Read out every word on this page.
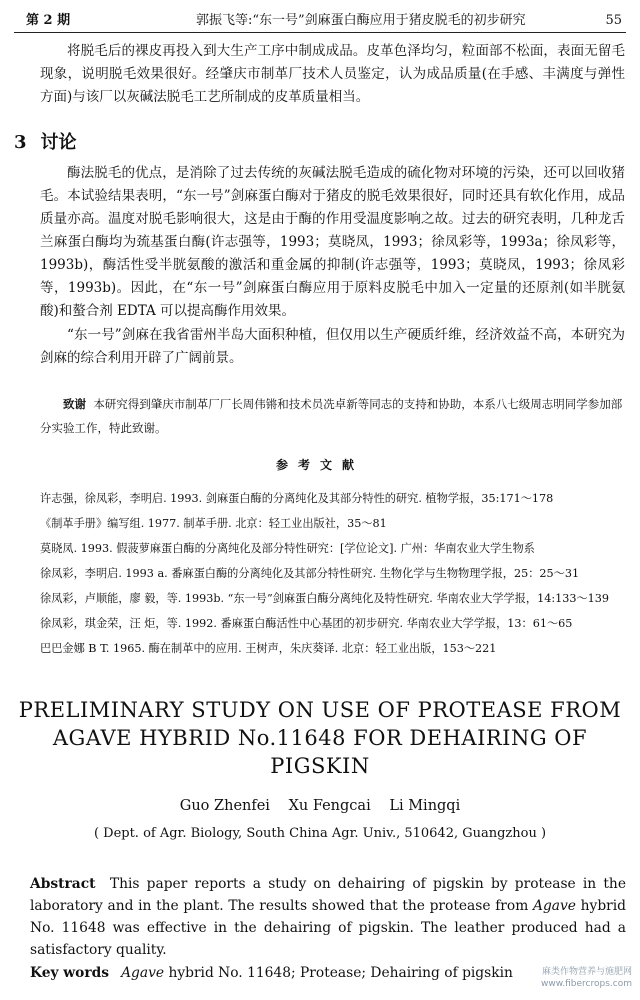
第 2 期	郭振飞等:“东一号”剑麻蛋白酶应用于猪皮脱毛的初步研究	55

将脱毛后的裸皮再投入到大生产工序中制成成品。皮革色泽均匀，粒面部不松面，表面无留毛现象，说明脱毛效果很好。经肇庆市制革厂技术人员鉴定，认为成品质量(在手感、丰满度与弹性方面)与该厂以灰碱法脱毛工艺所制成的皮革质量相当。

3 讨论

酶法脱毛的优点，是消除了过去传统的灰碱法脱毛造成的硫化物对环境的污染，还可以回收猪毛。本试验结果表明，“东一号”剑麻蛋白酶对于猪皮的脱毛效果很好，同时还具有软化作用，成品质量亦高。温度对脱毛影响很大，这是由于酶的作用受温度影响之故。过去的研究表明，几种龙舌兰麻蛋白酶均为巯基蛋白酶(许志强等，1993；莫晓凤，1993；徐凤彩等，1993a；徐凤彩等，1993b)，酶活性受半胱氨酸的激活和重金属的抑制(许志强等，1993；莫晓凤，1993；徐凤彩等，1993b)。因此，在“东一号”剑麻蛋白酶应用于原料皮脱毛中加入一定量的还原剂(如半胱氨酸)和螯合剂 EDTA 可以提高酶作用效果。

“东一号”剑麻在我省雷州半岛大面积种植，但仅用以生产硬质纤维，经济效益不高，本研究为剑麻的综合利用开辟了广阔前景。

致谢 本研究得到肇庆市制革厂厂长周伟锵和技术员冼卓新等同志的支持和协助，本系八七级周志明同学参加部分实验工作，特此致谢。
参考文献
许志强，徐凤彩，李明启. 1993. 剑麻蛋白酶的分离纯化及其部分特性的研究. 植物学报，35:171～178
《制革手册》编写组. 1977. 制革手册. 北京：轻工业出版社，35～81
莫晓凤. 1993. 假菠萝麻蛋白酶的分离纯化及部分特性研究：[学位论文]. 广州：华南农业大学生物系
徐凤彩，李明启. 1993 a. 番麻蛋白酶的分离纯化及其部分特性研究. 生物化学与生物物理学报，25：25～31
徐凤彩，卢顺能，廖 毅，等. 1993b. “东一号”剑麻蛋白酶分离纯化及特性研究. 华南农业大学学报，14:133～139
徐凤彩，琪金荣，汪 炬，等. 1992. 番麻蛋白酶活性中心基团的初步研究. 华南农业大学学报，13：61～65
巴巴金娜 B T. 1965. 酶在制革中的应用. 王树声，朱庆葵译. 北京：轻工业出版，153～221
PRELIMINARY STUDY ON USE OF PROTEASE FROM
AGAVE HYBRID No.11648 FOR DEHAIRING OF PIGSKIN
Guo Zhenfei Xu Fengcai Li Mingqi
( Dept. of Agr. Biology, South China Agr. Univ., 510642, Guangzhou )

Abstract This paper reports a study on dehairing of pigskin by protease in the laboratory and in the plant. The results showed that the protease from Agave hybrid No. 11648 was effective in the dehairing of pigskin. The leather produced had a satisfactory quality.

Key words Agave hybrid No. 11648; Protease; Dehairing of pigskin	麻类作物营养与施肥网
www.fibercrops.com
